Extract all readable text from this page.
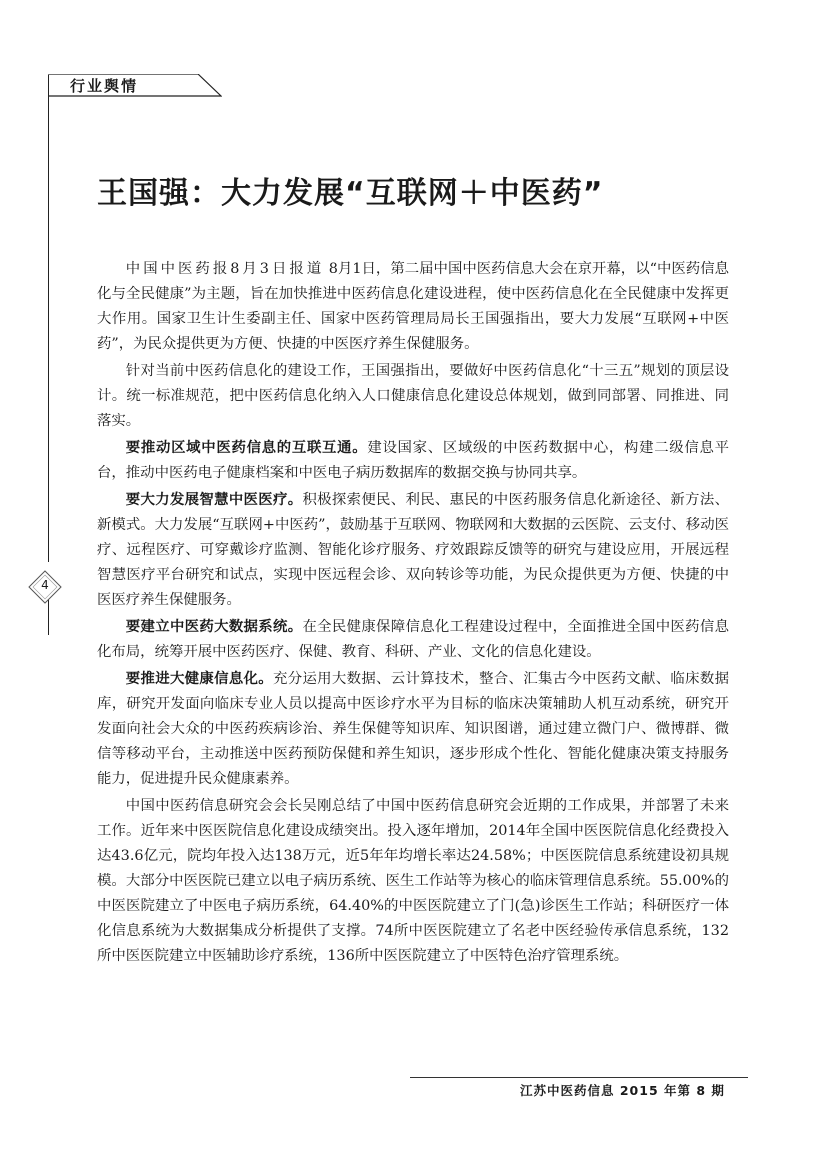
行业舆情
王国强：大力发展“互联网＋中医药”
4

中国中医药报8月3日报道 8月1日，第二届中国中医药信息大会在京开幕，以“中医药信息化与全民健康”为主题，旨在加快推进中医药信息化建设进程，使中医药信息化在全民健康中发挥更大作用。国家卫生计生委副主任、国家中医药管理局局长王国强指出，要大力发展“互联网+中医药”，为民众提供更为方便、快捷的中医医疗养生保健服务。

针对当前中医药信息化的建设工作，王国强指出，要做好中医药信息化“十三五”规划的顶层设计。统一标准规范，把中医药信息化纳入人口健康信息化建设总体规划，做到同部署、同推进、同落实。

要推动区域中医药信息的互联互通。建设国家、区域级的中医药数据中心，构建二级信息平台，推动中医药电子健康档案和中医电子病历数据库的数据交换与协同共享。

要大力发展智慧中医医疗。积极探索便民、利民、惠民的中医药服务信息化新途径、新方法、新模式。大力发展“互联网+中医药”，鼓励基于互联网、物联网和大数据的云医院、云支付、移动医疗、远程医疗、可穿戴诊疗监测、智能化诊疗服务、疗效跟踪反馈等的研究与建设应用，开展远程智慧医疗平台研究和试点，实现中医远程会诊、双向转诊等功能，为民众提供更为方便、快捷的中医医疗养生保健服务。

要建立中医药大数据系统。在全民健康保障信息化工程建设过程中，全面推进全国中医药信息化布局，统筹开展中医药医疗、保健、教育、科研、产业、文化的信息化建设。

要推进大健康信息化。充分运用大数据、云计算技术，整合、汇集古今中医药文献、临床数据库，研究开发面向临床专业人员以提高中医诊疗水平为目标的临床决策辅助人机互动系统，研究开发面向社会大众的中医药疾病诊治、养生保健等知识库、知识图谱，通过建立微门户、微博群、微信等移动平台，主动推送中医药预防保健和养生知识，逐步形成个性化、智能化健康决策支持服务能力，促进提升民众健康素养。

中国中医药信息研究会会长吴刚总结了中国中医药信息研究会近期的工作成果，并部署了未来工作。近年来中医医院信息化建设成绩突出。投入逐年增加，2014年全国中医医院信息化经费投入达43.6亿元，院均年投入达138万元，近5年年均增长率达24.58%；中医医院信息系统建设初具规模。大部分中医医院已建立以电子病历系统、医生工作站等为核心的临床管理信息系统。55.00%的中医医院建立了中医电子病历系统，64.40%的中医医院建立了门(急)诊医生工作站；科研医疗一体化信息系统为大数据集成分析提供了支撑。74所中医医院建立了名老中医经验传承信息系统，132所中医医院建立中医辅助诊疗系统，136所中医医院建立了中医特色治疗管理系统。

江苏中医药信息 2015 年第 8 期
